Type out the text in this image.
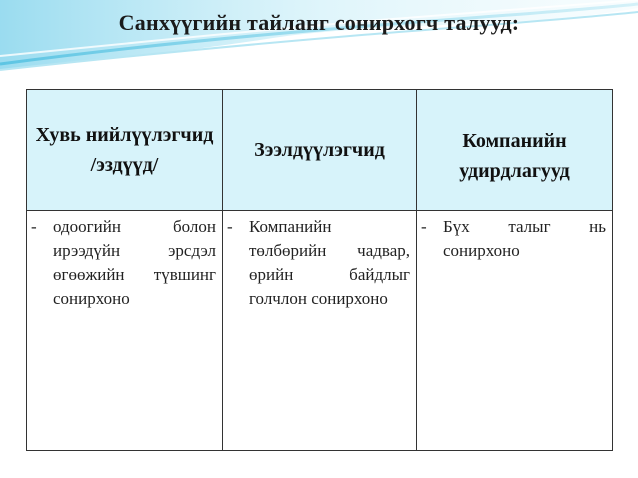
Санхүүгийн тайланг сонирхогч талууд:
Хувь нийлүүлэгчид /эздүүд/	Зээлдүүлэгчид	Компанийн удирдлагууд

- одоогийн болон ирээдүйн эрсдэл өгөөжийн түвшинг сонирхоно	- Компанийн төлбөрийн чадвар, өрийн байдлыг голчлон сонирхоно	- Бүх талыг нь сонирхоно
